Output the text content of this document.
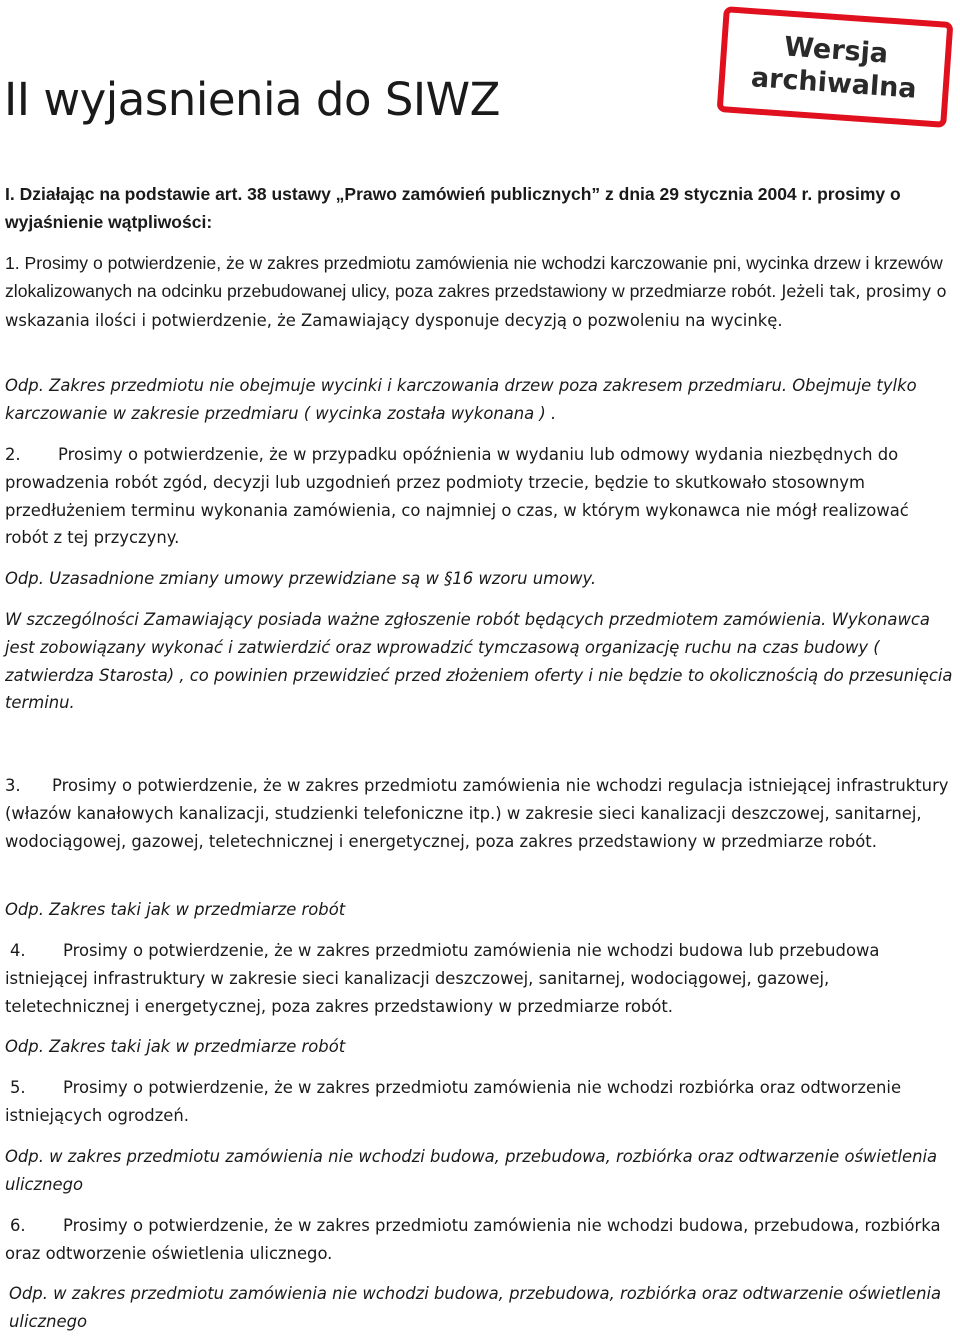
Wersja
archiwalna
II wyjasnienia do SIWZ

I. Działając na podstawie art. 38 ustawy „Prawo zamówień publicznych” z dnia 29 stycznia 2004 r. prosimy o wyjaśnienie wątpliwości:

1. Prosimy o potwierdzenie, że w zakres przedmiotu zamówienia nie wchodzi karczowanie pni, wycinka drzew i krzewów zlokalizowanych na odcinku przebudowanej ulicy, poza zakres przedstawiony w przedmiarze robót. Jeżeli tak, prosimy o wskazania ilości i potwierdzenie, że Zamawiający dysponuje decyzją o pozwoleniu na wycinkę.

Odp. Zakres przedmiotu nie obejmuje wycinki i karczowania drzew poza zakresem przedmiaru. Obejmuje tylko karczowanie w zakresie przedmiaru ( wycinka została wykonana ) .

2. Prosimy o potwierdzenie, że w przypadku opóźnienia w wydaniu lub odmowy wydania niezbędnych do prowadzenia robót zgód, decyzji lub uzgodnień przez podmioty trzecie, będzie to skutkowało stosownym przedłużeniem terminu wykonania zamówienia, co najmniej o czas, w którym wykonawca nie mógł realizować robót z tej przyczyny.

Odp. Uzasadnione zmiany umowy przewidziane są w §16 wzoru umowy.

W szczególności Zamawiający posiada ważne zgłoszenie robót będących przedmiotem zamówienia. Wykonawca jest zobowiązany wykonać i zatwierdzić oraz wprowadzić tymczasową organizację ruchu na czas budowy ( zatwierdza Starosta) , co powinien przewidzieć przed złożeniem oferty i nie będzie to okolicznością do przesunięcia terminu.

3. Prosimy o potwierdzenie, że w zakres przedmiotu zamówienia nie wchodzi regulacja istniejącej infrastruktury (włazów kanałowych kanalizacji, studzienki telefoniczne itp.) w zakresie sieci kanalizacji deszczowej, sanitarnej, wodociągowej, gazowej, teletechnicznej i energetycznej, poza zakres przedstawiony w przedmiarze robót.

Odp. Zakres taki jak w przedmiarze robót

4. Prosimy o potwierdzenie, że w zakres przedmiotu zamówienia nie wchodzi budowa lub przebudowa istniejącej infrastruktury w zakresie sieci kanalizacji deszczowej, sanitarnej, wodociągowej, gazowej, teletechnicznej i energetycznej, poza zakres przedstawiony w przedmiarze robót.

Odp. Zakres taki jak w przedmiarze robót

5. Prosimy o potwierdzenie, że w zakres przedmiotu zamówienia nie wchodzi rozbiórka oraz odtworzenie istniejących ogrodzeń.

Odp. w zakres przedmiotu zamówienia nie wchodzi budowa, przebudowa, rozbiórka oraz odtwarzenie oświetlenia ulicznego

6. Prosimy o potwierdzenie, że w zakres przedmiotu zamówienia nie wchodzi budowa, przebudowa, rozbiórka oraz odtworzenie oświetlenia ulicznego.

Odp. w zakres przedmiotu zamówienia nie wchodzi budowa, przebudowa, rozbiórka oraz odtwarzenie oświetlenia ulicznego
